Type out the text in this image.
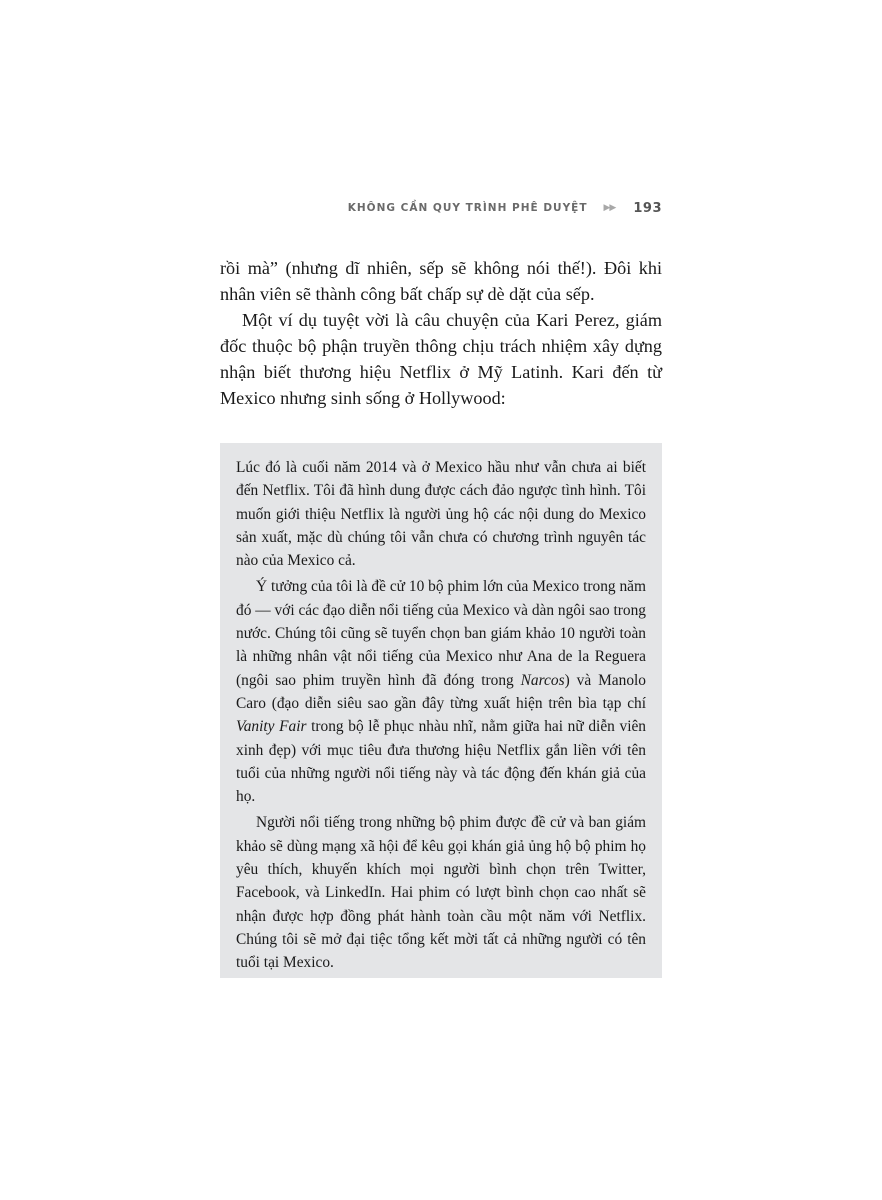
KHÔNG CẦN QUY TRÌNH PHÊ DUYỆT ▶▶ 193

rồi mà” (nhưng dĩ nhiên, sếp sẽ không nói thế!). Đôi khi nhân viên sẽ thành công bất chấp sự dè dặt của sếp.

Một ví dụ tuyệt vời là câu chuyện của Kari Perez, giám đốc thuộc bộ phận truyền thông chịu trách nhiệm xây dựng nhận biết thương hiệu Netflix ở Mỹ Latinh. Kari đến từ Mexico nhưng sinh sống ở Hollywood:

Lúc đó là cuối năm 2014 và ở Mexico hầu như vẫn chưa ai biết đến Netflix. Tôi đã hình dung được cách đảo ngược tình hình. Tôi muốn giới thiệu Netflix là người ủng hộ các nội dung do Mexico sản xuất, mặc dù chúng tôi vẫn chưa có chương trình nguyên tác nào của Mexico cả.

Ý tưởng của tôi là đề cử 10 bộ phim lớn của Mexico trong năm đó — với các đạo diễn nổi tiếng của Mexico và dàn ngôi sao trong nước. Chúng tôi cũng sẽ tuyển chọn ban giám khảo 10 người toàn là những nhân vật nổi tiếng của Mexico như Ana de la Reguera (ngôi sao phim truyền hình đã đóng trong Narcos) và Manolo Caro (đạo diễn siêu sao gần đây từng xuất hiện trên bìa tạp chí Vanity Fair trong bộ lễ phục nhàu nhĩ, nằm giữa hai nữ diễn viên xinh đẹp) với mục tiêu đưa thương hiệu Netflix gắn liền với tên tuổi của những người nổi tiếng này và tác động đến khán giả của họ.

Người nổi tiếng trong những bộ phim được đề cử và ban giám khảo sẽ dùng mạng xã hội để kêu gọi khán giả ủng hộ bộ phim họ yêu thích, khuyến khích mọi người bình chọn trên Twitter, Facebook, và LinkedIn. Hai phim có lượt bình chọn cao nhất sẽ nhận được hợp đồng phát hành toàn cầu một năm với Netflix. Chúng tôi sẽ mở đại tiệc tổng kết mời tất cả những người có tên tuổi tại Mexico.
